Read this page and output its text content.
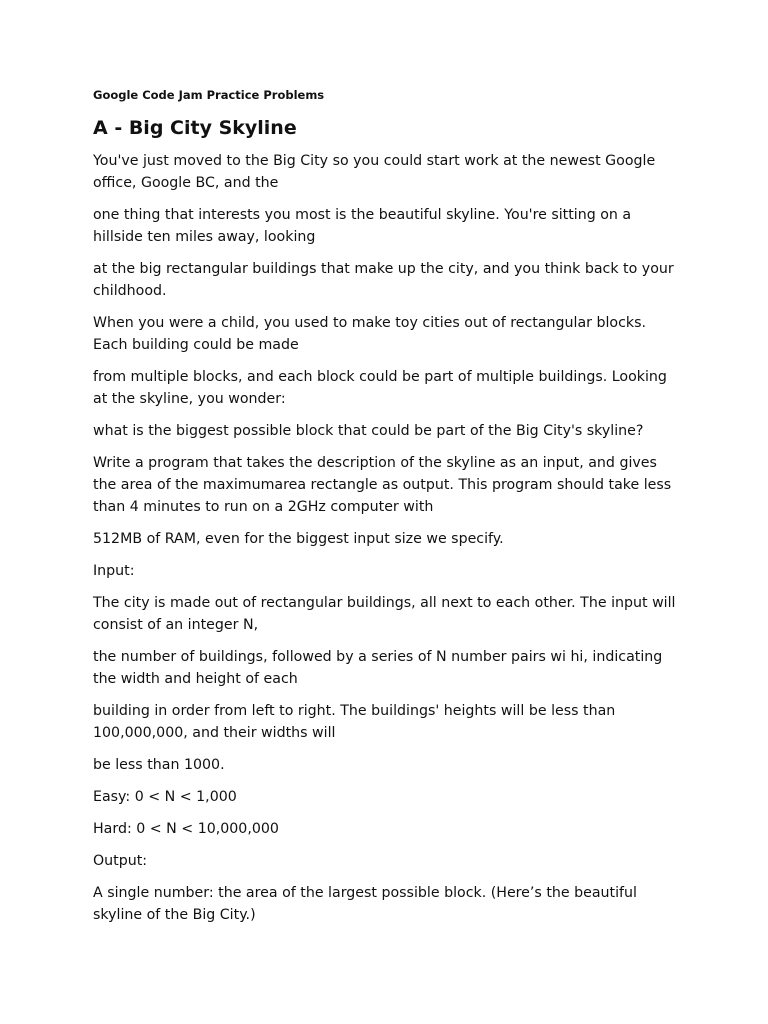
Google Code Jam Practice Problems
A - Big City Skyline

You've just moved to the Big City so you could start work at the newest Google office, Google BC, and the

one thing that interests you most is the beautiful skyline. You're sitting on a hillside ten miles away, looking

at the big rectangular buildings that make up the city, and you think back to your childhood.

When you were a child, you used to make toy cities out of rectangular blocks. Each building could be made

from multiple blocks, and each block could be part of multiple buildings. Looking at the skyline, you wonder:

what is the biggest possible block that could be part of the Big City's skyline?

Write a program that takes the description of the skyline as an input, and gives the area of the maximumarea rectangle as output. This program should take less than 4 minutes to run on a 2GHz computer with

512MB of RAM, even for the biggest input size we specify.

Input:

The city is made out of rectangular buildings, all next to each other. The input will consist of an integer N,

the number of buildings, followed by a series of N number pairs wi hi, indicating the width and height of each

building in order from left to right. The buildings' heights will be less than 100,000,000, and their widths will

be less than 1000.

Easy: 0 < N < 1,000

Hard: 0 < N < 10,000,000

Output:

A single number: the area of the largest possible block. (Here’s the beautiful skyline of the Big City.)
